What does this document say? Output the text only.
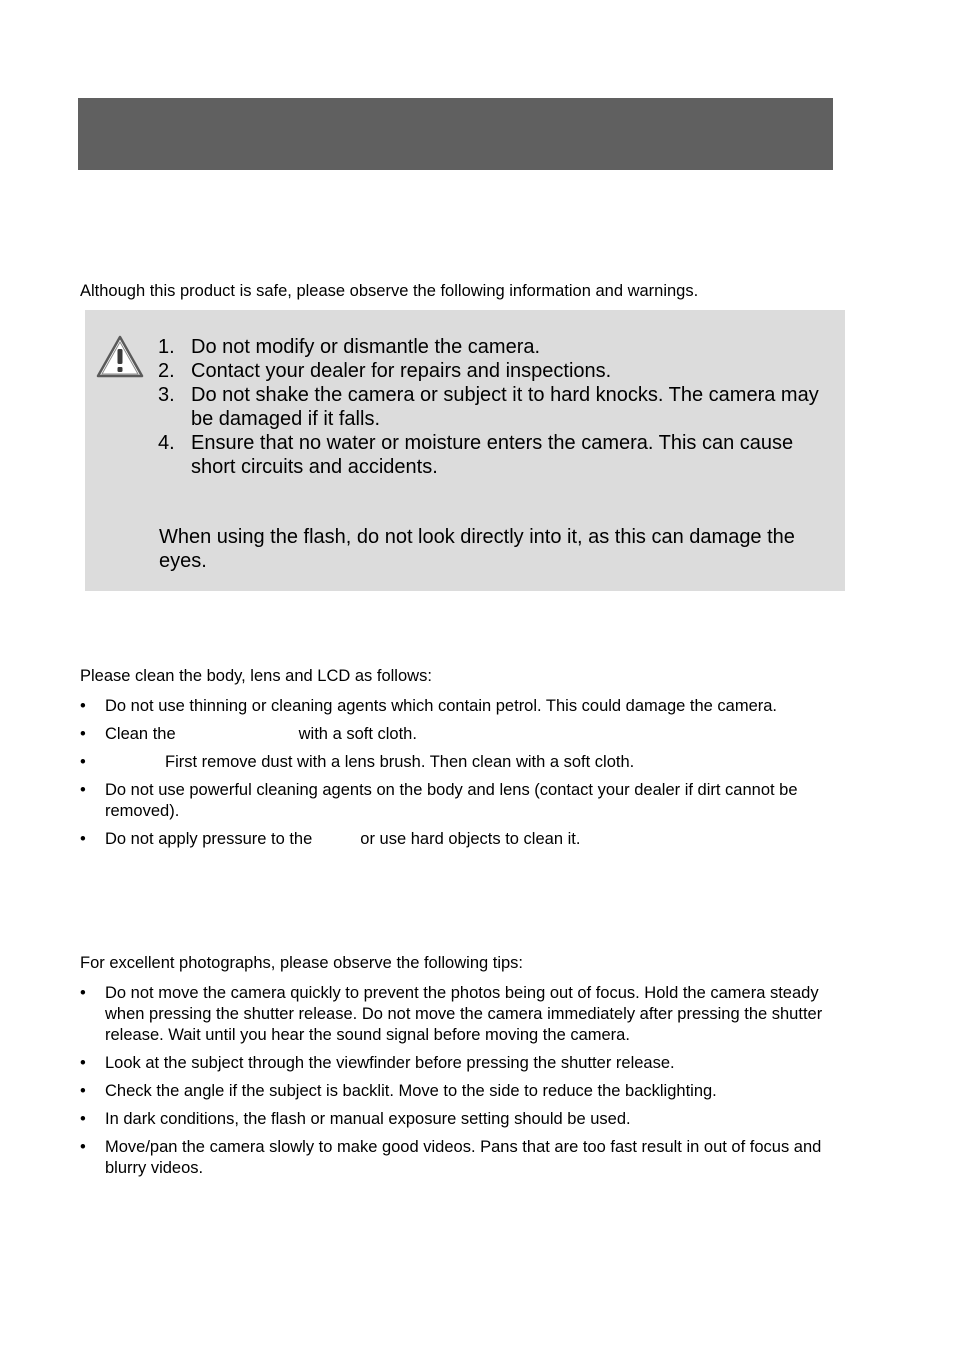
Although this product is safe, please observe the following information and warnings.

1. Do not modify or dismantle the camera.
2. Contact your dealer for repairs and inspections.
3. Do not shake the camera or subject it to hard knocks. The camera may be damaged if it falls.
4. Ensure that no water or moisture enters the camera. This can cause short circuits and accidents.

When using the flash, do not look directly into it, as this can damage the eyes.

Please clean the body, lens and LCD as follows:

• Do not use thinning or cleaning agents which contain petrol. This could damage the camera.
• Clean the	with a soft cloth.
•	First remove dust with a lens brush. Then clean with a soft cloth.
• Do not use powerful cleaning agents on the body and lens (contact your dealer if dirt cannot be removed).
• Do not apply pressure to the	or use hard objects to clean it.

For excellent photographs, please observe the following tips:

• Do not move the camera quickly to prevent the photos being out of focus. Hold the camera steady when pressing the shutter release. Do not move the camera immediately after pressing the shutter release. Wait until you hear the sound signal before moving the camera.
• Look at the subject through the viewfinder before pressing the shutter release.
• Check the angle if the subject is backlit. Move to the side to reduce the backlighting.
• In dark conditions, the flash or manual exposure setting should be used.
• Move/pan the camera slowly to make good videos. Pans that are too fast result in out of focus and blurry videos.
